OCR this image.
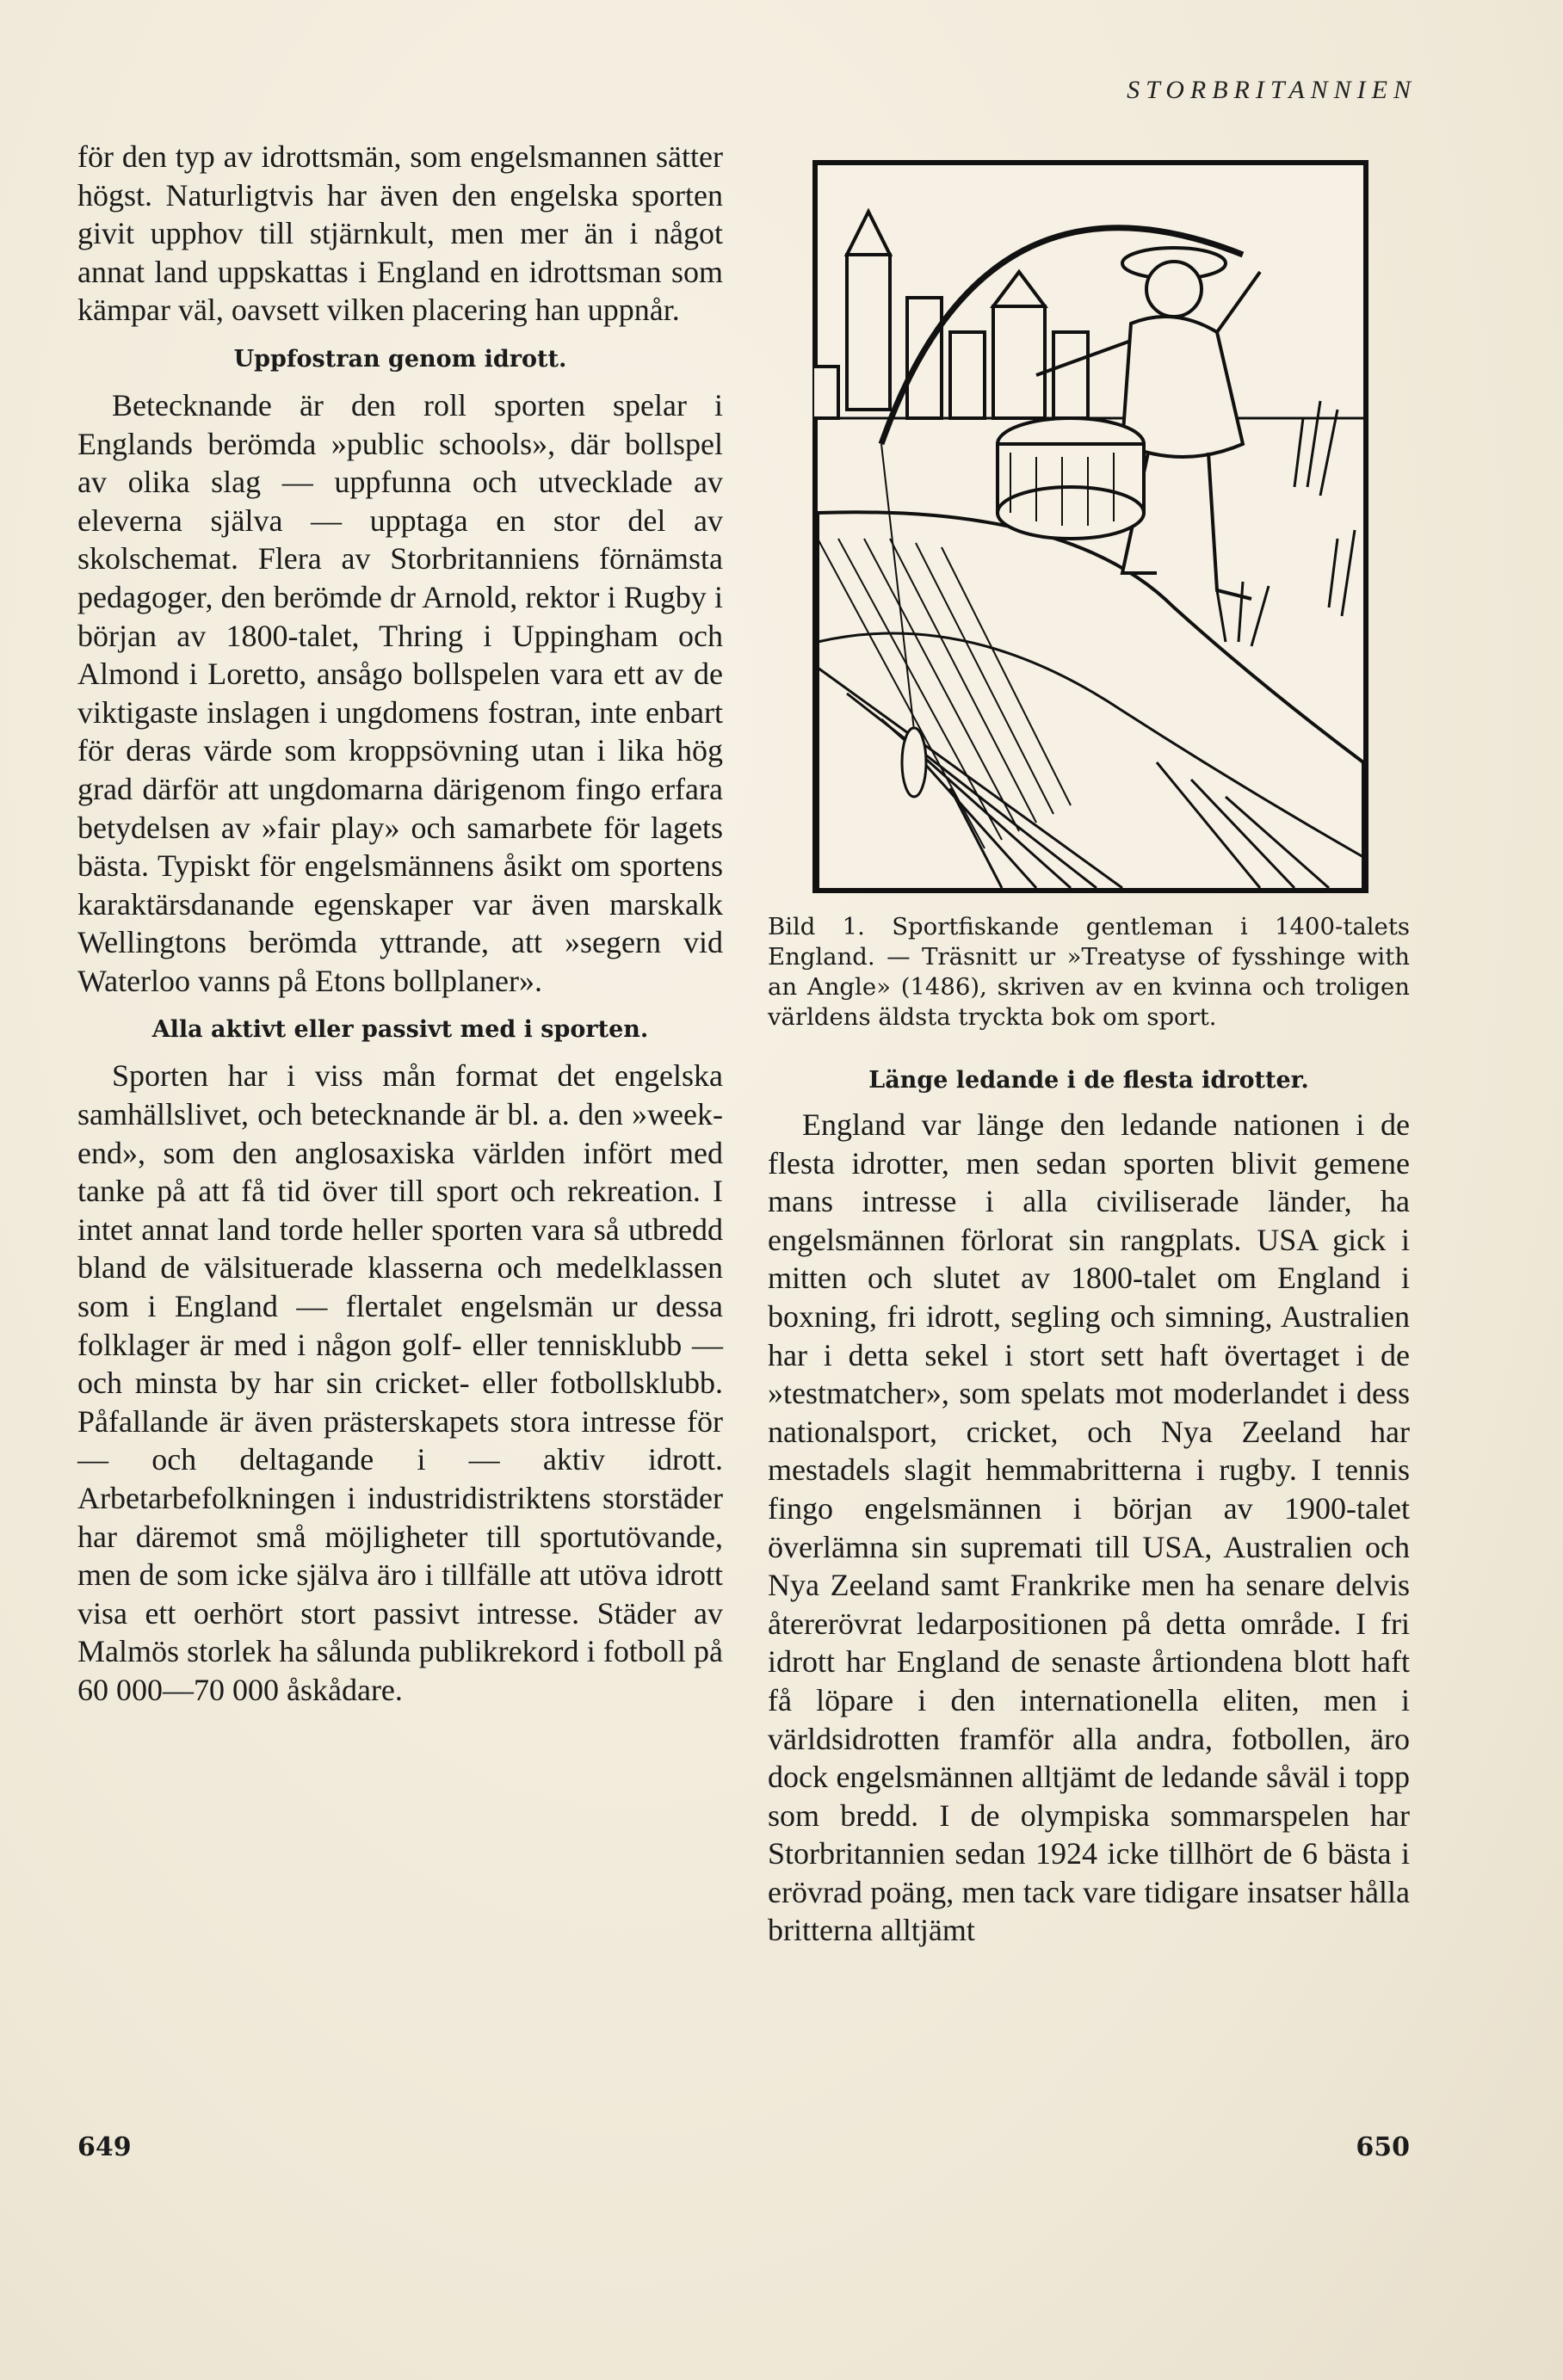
STORBRITANNIEN

för den typ av idrottsmän, som engelsmannen sätter högst. Naturligtvis har även den engelska sporten givit upphov till stjärnkult, men mer än i något annat land uppskattas i England en idrottsman som kämpar väl, oavsett vilken placering han uppnår.

Uppfostran genom idrott.

Betecknande är den roll sporten spelar i Englands berömda »public schools», där bollspel av olika slag — uppfunna och utvecklade av eleverna själva — upptaga en stor del av skolschemat. Flera av Storbritanniens förnämsta pedagoger, den berömde dr Arnold, rektor i Rugby i början av 1800-talet, Thring i Uppingham och Almond i Loretto, ansågo bollspelen vara ett av de viktigaste inslagen i ungdomens fostran, inte enbart för deras värde som kroppsövning utan i lika hög grad därför att ungdomarna därigenom fingo erfara betydelsen av »fair play» och samarbete för lagets bästa. Typiskt för engelsmännens åsikt om sportens karaktärsdanande egenskaper var även marskalk Wellingtons berömda yttrande, att »segern vid Waterloo vanns på Etons bollplaner».

Alla aktivt eller passivt med i sporten.

Sporten har i viss mån format det engelska samhällslivet, och betecknande är bl. a. den »week-end», som den anglosaxiska världen infört med tanke på att få tid över till sport och rekreation. I intet annat land torde heller sporten vara så utbredd bland de välsituerade klasserna och medelklassen som i England — flertalet engelsmän ur dessa folklager är med i någon golf- eller tennisklubb — och minsta by har sin cricket- eller fotbollsklubb. Påfallande är även prästerskapets stora intresse för — och deltagande i — aktiv idrott. Arbetarbefolkningen i industridistriktens storstäder har däremot små möjligheter till sportutövande, men de som icke själva äro i tillfälle att utöva idrott visa ett oerhört stort passivt intresse. Städer av Malmös storlek ha sålunda publikrekord i fotboll på 60 000—70 000 åskådare.

Bild 1. Sportfiskande gentleman i 1400-talets England. — Träsnitt ur »Treatyse of fysshinge with an Angle» (1486), skriven av en kvinna och troligen världens äldsta tryckta bok om sport.
Länge ledande i de flesta idrotter.

England var länge den ledande nationen i de flesta idrotter, men sedan sporten blivit gemene mans intresse i alla civiliserade länder, ha engelsmännen förlorat sin rangplats. USA gick i mitten och slutet av 1800-talet om England i boxning, fri idrott, segling och simning, Australien har i detta sekel i stort sett haft övertaget i de »testmatcher», som spelats mot moderlandet i dess nationalsport, cricket, och Nya Zeeland har mestadels slagit hemmabritterna i rugby. I tennis fingo engelsmännen i början av 1900-talet överlämna sin supremati till USA, Australien och Nya Zeeland samt Frankrike men ha senare delvis återerövrat ledarpositionen på detta område. I fri idrott har England de senaste årtiondena blott haft få löpare i den internationella eliten, men i världsidrotten framför alla andra, fotbollen, äro dock engelsmännen alltjämt de ledande såväl i topp som bredd. I de olympiska sommarspelen har Storbritannien sedan 1924 icke tillhört de 6 bästa i erövrad poäng, men tack vare tidigare insatser hålla britterna alltjämt

649	650
